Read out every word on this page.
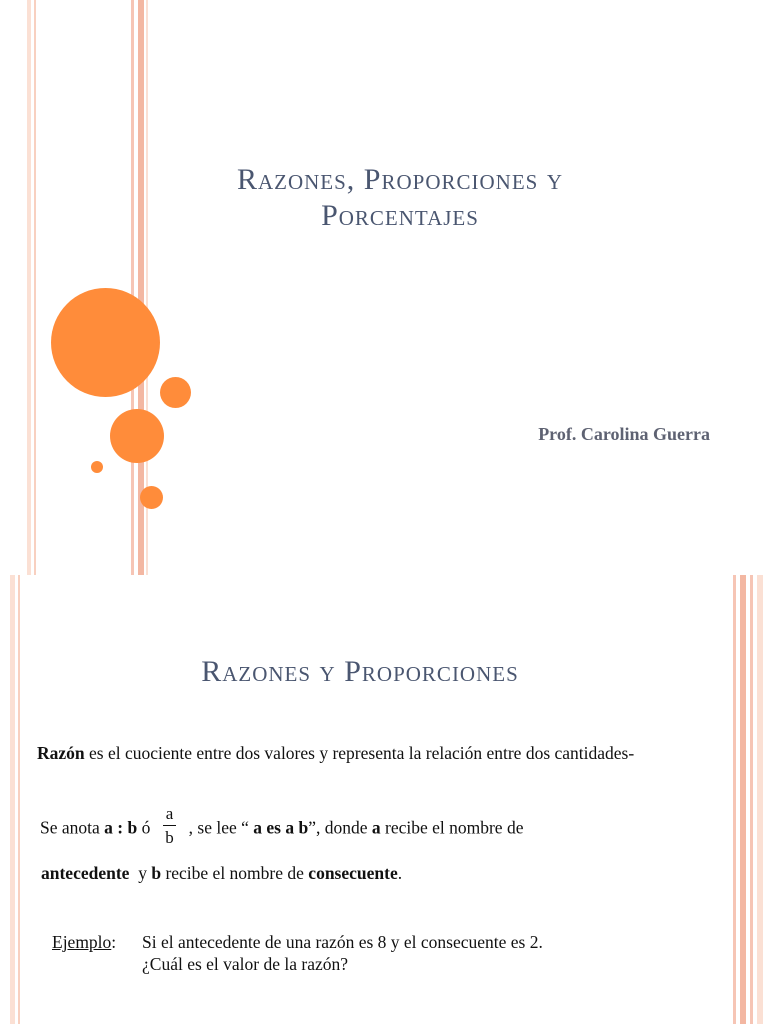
Razones, Proporciones y
Porcentajes
Prof. Carolina Guerra
Razones y Proporciones
Razón es el cuociente entre dos valores y representa la relación entre dos cantidades-
Se anota a : b ó $\frac{a}{b}$ , se lee “ a es a b”, donde a recibe el nombre de
antecedente  y b recibe el nombre de consecuente.
Ejemplo:	Si el antecedente de una razón es 8 y el consecuente es 2.
¿Cuál es el valor de la razón?
